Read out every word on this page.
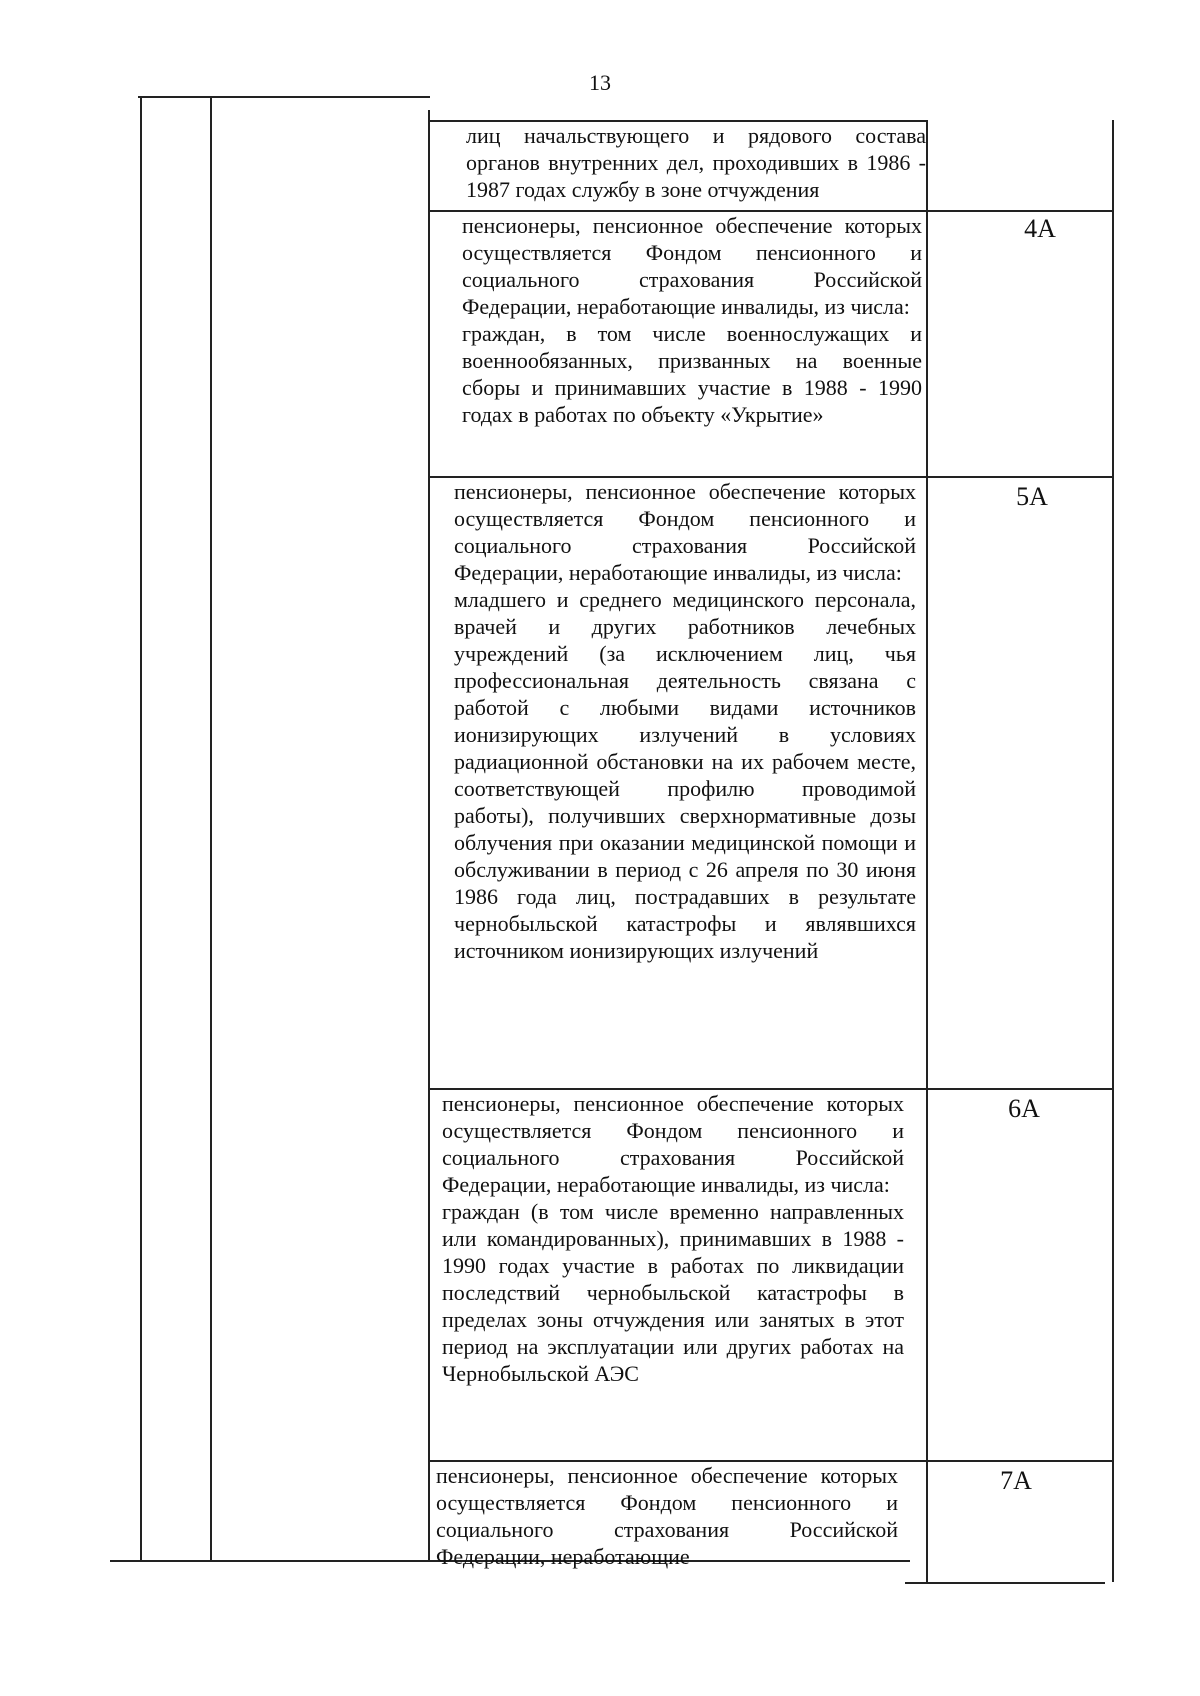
13

лиц начальствующего и рядового состава органов внутренних дел, проходивших в 1986 - 1987 годах службу в зоне отчуждения

пенсионеры, пенсионное обеспечение которых осуществляется Фондом пенсионного и социального страхования Российской Федерации, неработающие инвалиды, из числа:

граждан, в том числе военнослужащих и военнообязанных, призванных на военные сборы и принимавших участие в 1988 - 1990 годах в работах по объекту «Укрытие»

4А

пенсионеры, пенсионное обеспечение которых осуществляется Фондом пенсионного и социального страхования Российской Федерации, неработающие инвалиды, из числа:

младшего и среднего медицинского персонала, врачей и других работников лечебных учреждений (за исключением лиц, чья профессиональная деятельность связана с работой с любыми видами источников ионизирующих излучений в условиях радиационной обстановки на их рабочем месте, соответствующей профилю проводимой работы), получивших сверхнормативные дозы облучения при оказании медицинской помощи и обслуживании в период с 26 апреля по 30 июня 1986 года лиц, пострадавших в результате чернобыльской катастрофы и являвшихся источником ионизирующих излучений

5А

пенсионеры, пенсионное обеспечение которых осуществляется Фондом пенсионного и социального страхования Российской Федерации, неработающие инвалиды, из числа:

граждан (в том числе временно направленных или командированных), принимавших в 1988 - 1990 годах участие в работах по ликвидации последствий чернобыльской катастрофы в пределах зоны отчуждения или занятых в этот период на эксплуатации или других работах на Чернобыльской АЭС

6А

пенсионеры, пенсионное обеспечение которых осуществляется Фондом пенсионного и социального страхования Российской Федерации, неработающие

7А
